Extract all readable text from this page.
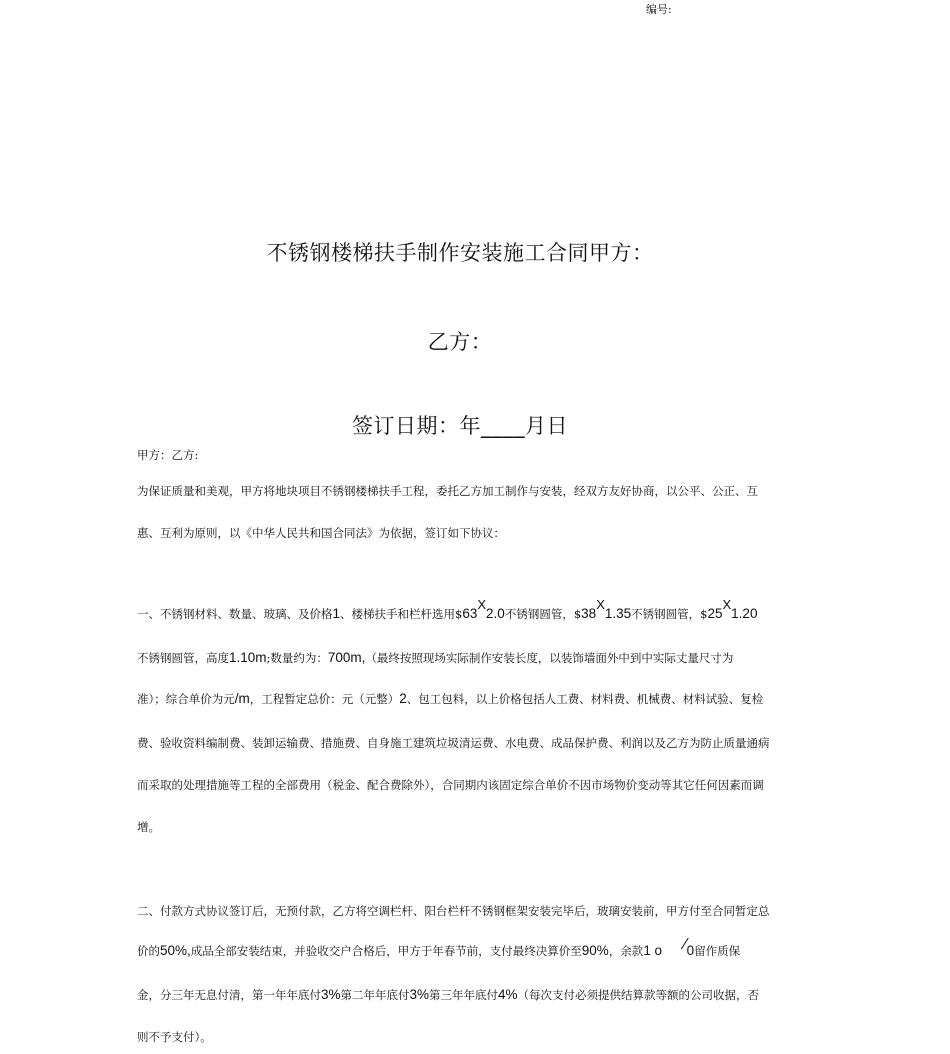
编号:
不锈钢楼梯扶手制作安装施工合同甲方：
乙方：
签订日期：年____月日
甲方：乙方:
为保证质量和美观，甲方将地块项目不锈钢楼梯扶手工程，委托乙方加工制作与安装，经双方友好协商，以公平、公正、互
惠、互利为原则，以《中华人民共和国合同法》为依据，签订如下协议：
一、不锈钢材料、数量、玻璃、及价格1、楼梯扶手和栏杆选用$63X2.0不锈钢圆管，$38X1.35不锈钢圆管，$25X1.20
不锈钢圆管，高度1.10m;数量约为：700m,（最终按照现场实际制作安装长度，以装饰墙面外中到中实际丈量尺寸为
准）；综合单价为元/m，工程暂定总价：元（元整）2、包工包料，以上价格包括人工费、材料费、机械费、材料试验、复检
费、验收资料编制费、装卸运输费、措施费、自身施工建筑垃圾清运费、水电费、成品保护费、利润以及乙方为防止质量通病
而采取的处理措施等工程的全部费用（税金、配合费除外），合同期内该固定综合单价不因市场物价变动等其它任何因素而调
增。
二、付款方式协议签订后，无预付款，乙方将空调栏杆、阳台栏杆不锈钢框架安装完毕后，玻璃安装前，甲方付至合同暂定总
价的50%,成品全部安装结束，并验收交户合格后，甲方于年春节前，支付最终决算价至90%，余款1 o ⁄0留作质保
金，分三年无息付清，第一年年底付3%第二年年底付3%第三年年底付4%（每次支付必须提供结算款等额的公司收据，否
则不予支付）。
